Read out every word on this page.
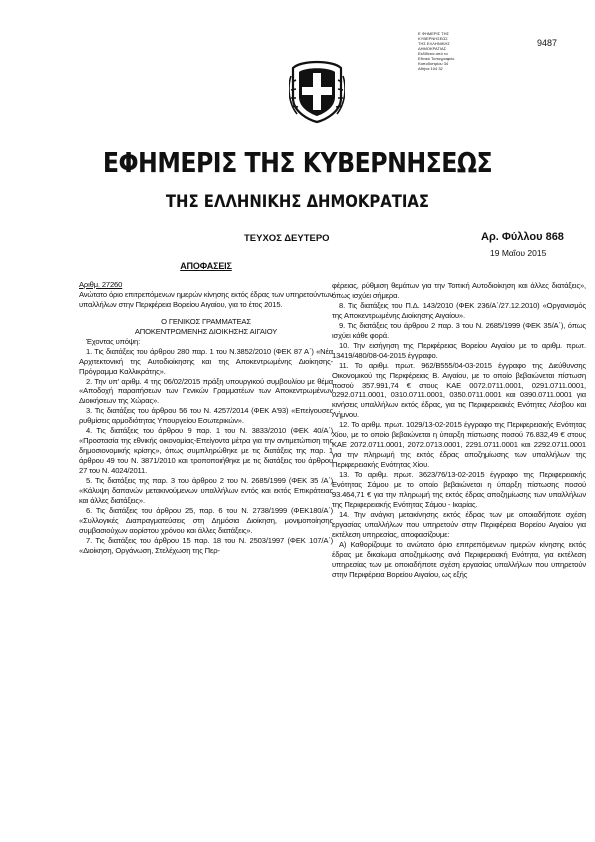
Ε ΦΗΜΕΡΙΣ ΤΗΣ
ΚΥΒΕΡΝΗΣΕΩΣ
ΤΗΣ ΕΛΛΗΝΙΚΗΣ
ΔΗΜΟΚΡΑΤΙΑΣ
Εκδίδεται από το
Εθνικό Τυπογραφείο
Καποδιστρίου 34
Αθήνα 104 32
9487
ΕΦΗΜΕΡΙΣ ΤΗΣ ΚΥΒΕΡΝΗΣΕΩΣ
ΤΗΣ ΕΛΛΗΝΙΚΗΣ ΔΗΜΟΚΡΑΤΙΑΣ
ΤΕΥΧΟΣ ΔΕΥΤΕΡΟ	Αρ. Φύλλου 868
19 Μαΐου 2015
ΑΠΟΦΑΣΕΙΣ

Αριθμ. 27260

Ανώτατο όριο επιτρεπόμενων ημερών κίνησης εκτός έδρας των υπηρετούντων υπαλλήλων στην Περιφέρεια Βορείου Αιγαίου, για το έτος 2015.

Ο ΓΕΝΙΚΟΣ ΓΡΑΜΜΑΤΕΑΣ

ΑΠΟΚΕΝΤΡΩΜΕΝΗΣ ΔΙΟΙΚΗΣΗΣ ΑΙΓΑΙΟΥ

Έχοντας υπόψη:

1. Τις διατάξεις του άρθρου 280 παρ. 1 του Ν.3852/2010 (ΦΕΚ 87 Α΄) «Νέα Αρχιτεκτονική της Αυτοδιοίκησης και της Αποκεντρωμένης Διοίκησης- Πρόγραμμα Καλλικράτης».

2. Την υπ' αριθμ. 4 της 06/02/2015 πράξη υπουργικού συμβουλίου με θέμα «Αποδοχή παραιτήσεων των Γενικών Γραμματέων των Αποκεντρωμένων Διοικήσεων της Χώρας».

3. Τις διατάξεις του άρθρου 56 του Ν. 4257/2014 (ΦΕΚ Α'93) «Επείγουσες ρυθμίσεις αρμοδιότητας Υπουργείου Εσωτερικών».

4. Τις διατάξεις του άρθρου 9 παρ. 1 του Ν. 3833/2010 (ΦΕΚ 40/Α΄) «Προστασία της εθνικής οικονομίας-Επείγοντα μέτρα για την αντιμετώπιση της δημοσιονομικής κρίσης», όπως συμπληρώθηκε με τις διατάξεις της παρ. 1 άρθρου 49 του Ν. 3871/2010 και τροποποιήθηκε με τις διατάξεις του άρθρου 27 του Ν. 4024/2011.

5. Τις διατάξεις της παρ. 3 του άρθρου 2 του Ν. 2685/1999 (ΦΕΚ 35 /Α΄) «Κάλυψη δαπανών μετακινούμενων υπαλλήλων εντός και εκτός Επικράτειας και άλλες διατάξεις».

6. Τις διατάξεις του άρθρου 25, παρ. 6 του Ν. 2738/1999 (ΦΕΚ180/Α΄) «Συλλογικές Διαπραγματεύσεις στη Δημόσια Διοίκηση, μονιμοποίησης συμβασιούχων αορίστου χρόνου και άλλες διατάξεις».

7. Τις διατάξεις του άρθρου 15 παρ. 18 του Ν. 2503/1997 (ΦΕΚ 107/Α΄) «Διοίκηση, Οργάνωση, Στελέχωση της Περ-

φέρειας, ρύθμιση θεμάτων για την Τοπική Αυτοδιοίκηση και άλλες διατάξεις», όπως ισχύει σήμερα.

8. Τις διατάξεις του Π.Δ. 143/2010 (ΦΕΚ 236/Α΄/27.12.2010) «Οργανισμός της Αποκεντρωμένης Διοίκησης Αιγαίου».

9. Τις διατάξεις του άρθρου 2 παρ. 3 του Ν. 2685/1999 (ΦΕΚ 35/Α΄), όπως ισχύει κάθε φορά.

10. Την εισήγηση της Περιφέρειας Βορείου Αιγαίου με το αριθμ. πρωτ. 13419/480/08-04-2015 έγγραφο.

11. Το αριθμ. πρωτ. 962/Β555/04-03-2015 έγγραφο της Διεύθυνσης Οικονομικού της Περιφέρειας Β. Αιγαίου, με το οποίο βεβαιώνεται πίστωση ποσού 357.991,74 € στους ΚΑΕ 0072.0711.0001, 0291.0711.0001, 0292.0711.0001, 0310.0711.0001, 0350.0711.0001 και 0390.0711.0001 για κινήσεις υπαλλήλων εκτός έδρας, για τις Περιφερειακές Ενότητες Λέσβου και Λήμνου.

12. Το αριθμ. πρωτ. 1029/13-02-2015 έγγραφο της Περιφερειακής Ενότητας Χίου, με το οποίο βεβαιώνεται η ύπαρξη πίστωσης ποσού 76.832,49 € στους ΚΑΕ 2072.0711.0001, 2072.0713.0001, 2291.0711.0001 και 2292.0711.0001 για την πληρωμή της εκτός έδρας αποζημίωσης των υπαλλήλων της Περιφερειακής Ενότητας Χίου.

13. Το αριθμ. πρωτ. 3623/76/13-02-2015 έγγραφο της Περιφερειακής Ενότητας Σάμου με το οποίο βεβαιώνεται η ύπαρξη πίστωσης ποσού 93.464,71 € για την πληρωμή της εκτός έδρας αποζημίωσης των υπαλλήλων της Περιφερειακής Ενότητας Σάμου - Ικαρίας.

14. Την ανάγκη μετακίνησης εκτός έδρας των με οποιαδήποτε σχέση εργασίας υπαλλήλων που υπηρετούν στην Περιφέρεια Βορείου Αιγαίου για εκτέλεση υπηρεσίας, αποφασίζουμε:

Α) Καθορίζουμε το ανώτατο όριο επιτρεπόμενων ημερών κίνησης εκτός έδρας με δικαίωμα αποζημίωσης ανά Περιφερειακή Ενότητα, για εκτέλεση υπηρεσίας των με οποιαδήποτε σχέση εργασίας υπαλλήλων που υπηρετούν στην Περιφέρεια Βορείου Αιγαίου, ως εξής
